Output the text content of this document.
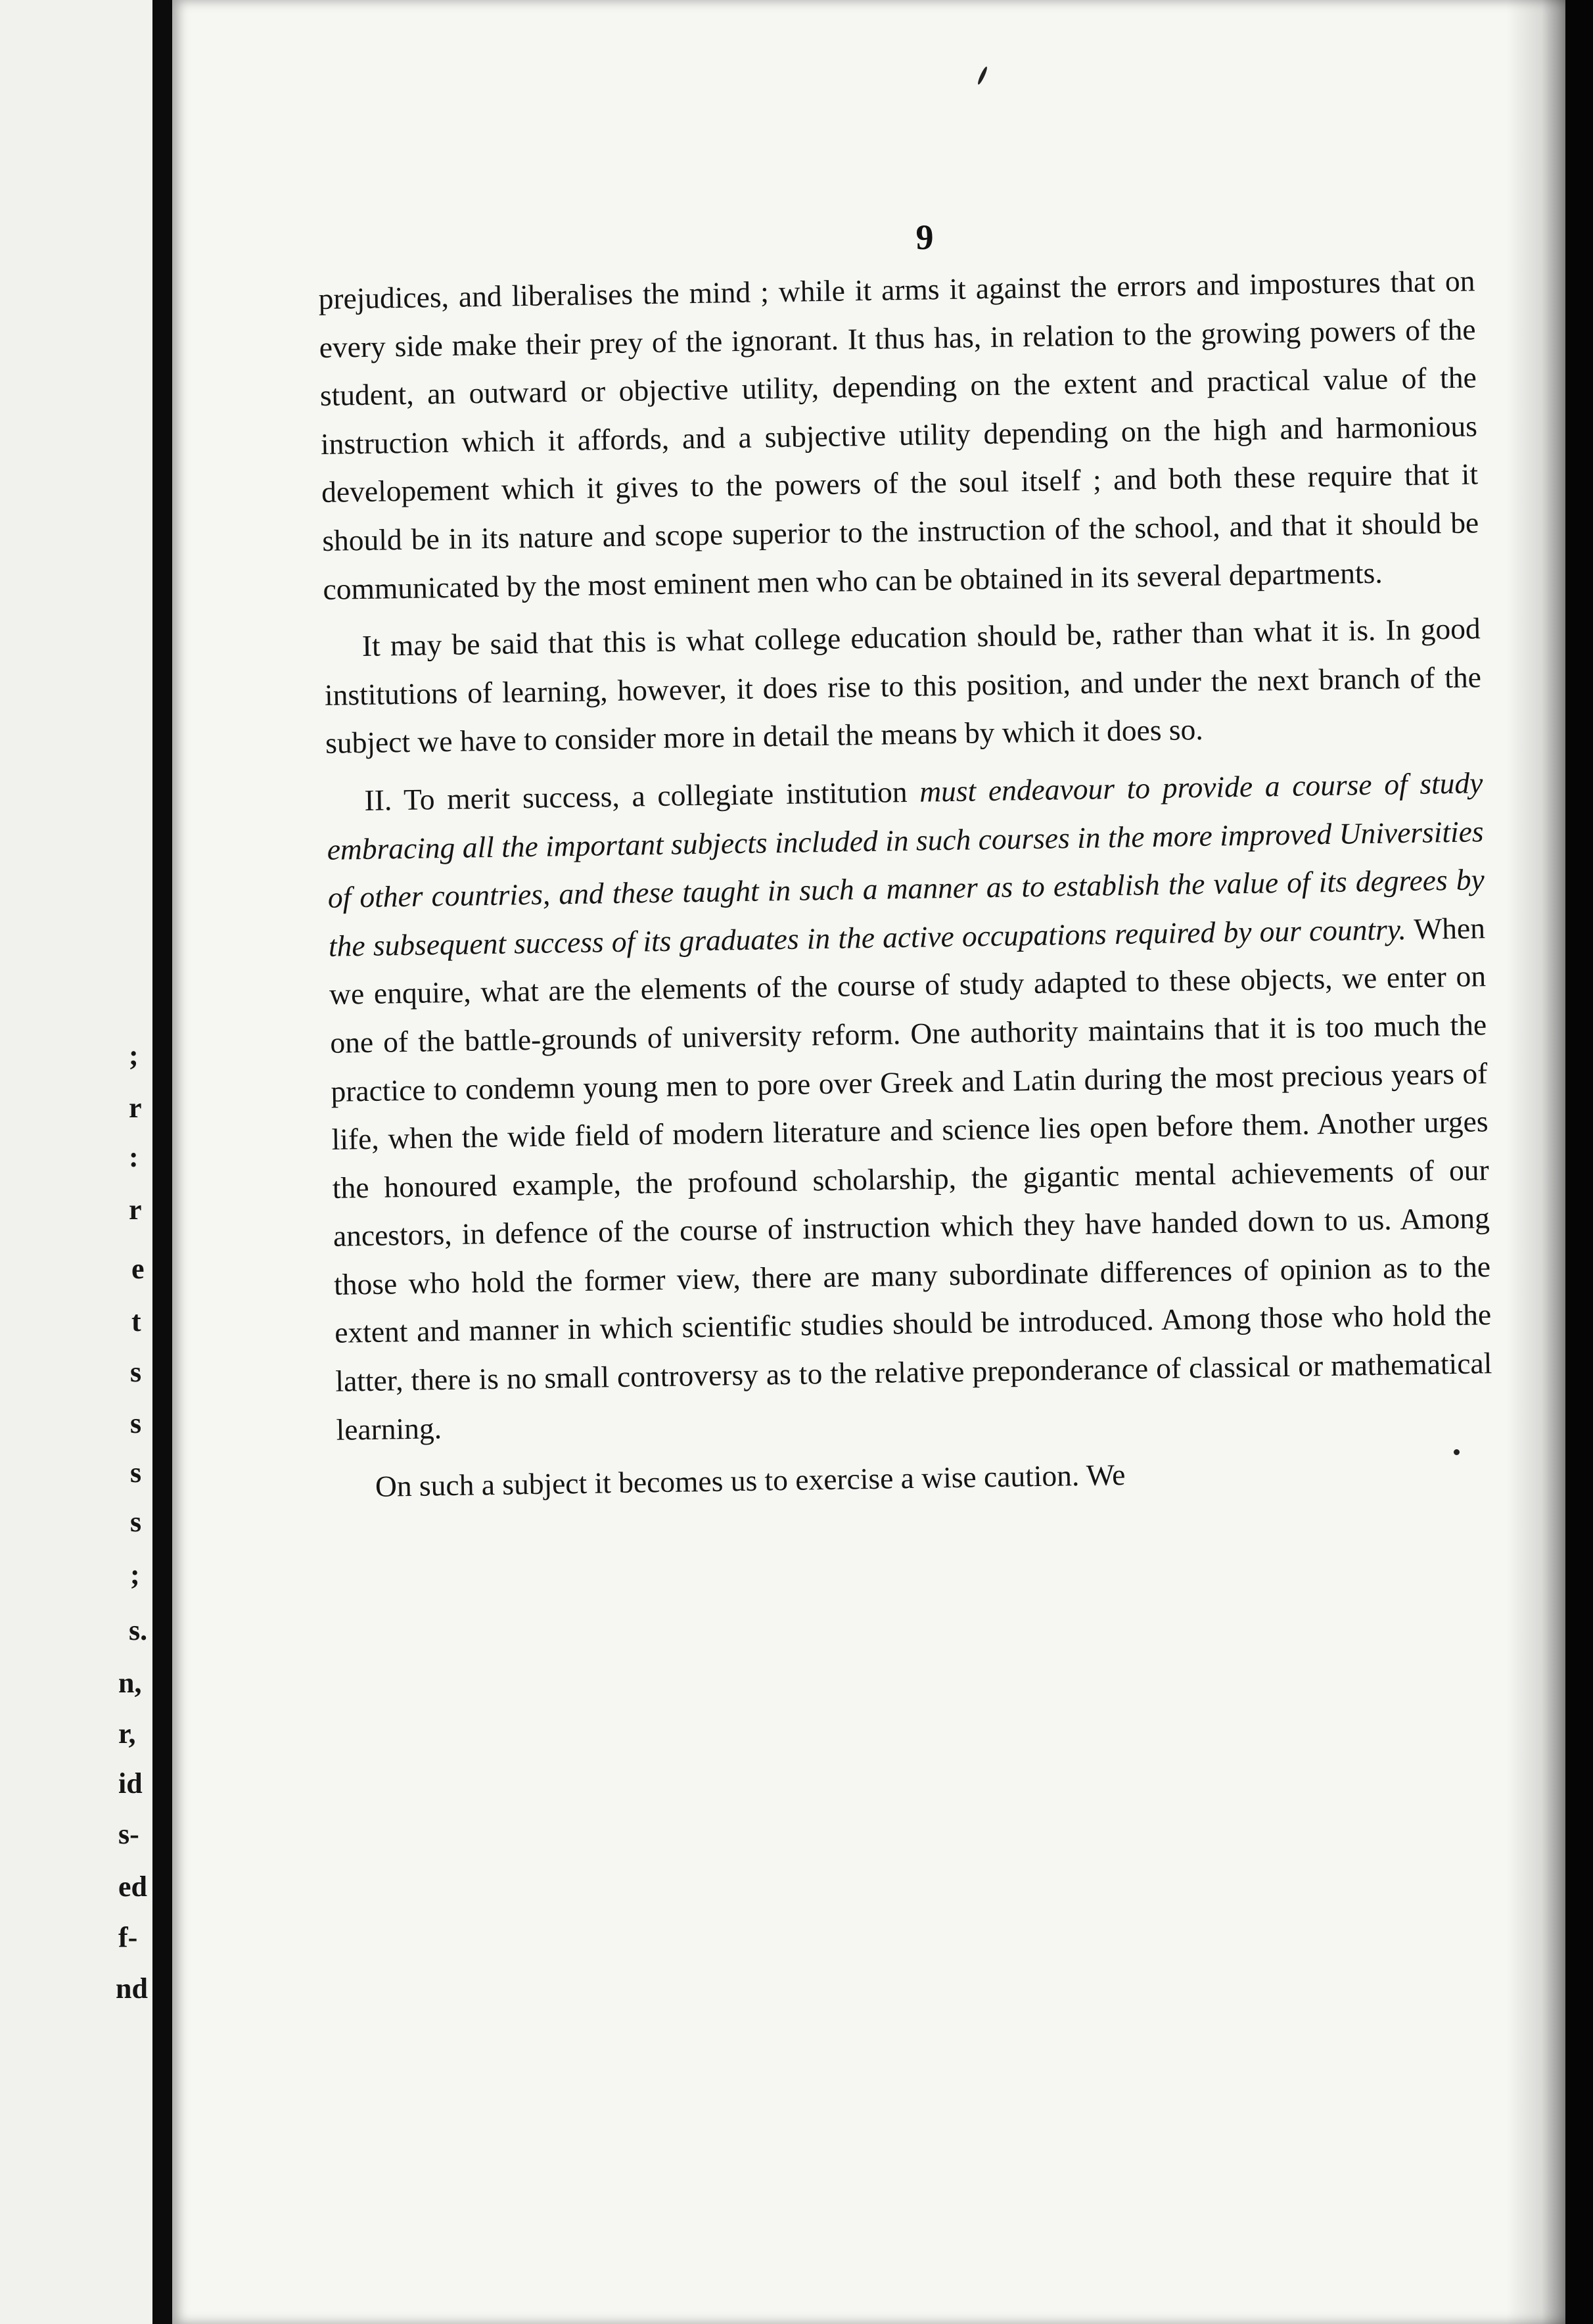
;
r
:
r
e
t
s
s
s
s
;
s.
n,
r,
id
s-
ed
f-
nd
9

prejudices, and liberalises the mind ; while it arms it against the errors and impostures that on every side make their prey of the ignorant. It thus has, in relation to the growing powers of the student, an outward or objective utility, depending on the extent and practical value of the instruction which it affords, and a subjective utility depending on the high and harmonious developement which it gives to the powers of the soul itself ; and both these require that it should be in its nature and scope superior to the instruction of the school, and that it should be communicated by the most eminent men who can be obtained in its several departments.

It may be said that this is what college education should be, rather than what it is. In good institutions of learning, however, it does rise to this position, and under the next branch of the subject we have to consider more in detail the means by which it does so.

II. To merit success, a collegiate institution must endeavour to provide a course of study embracing all the important subjects included in such courses in the more improved Universities of other countries, and these taught in such a manner as to establish the value of its degrees by the subsequent success of its graduates in the active occupations required by our country. When we enquire, what are the elements of the course of study adapted to these objects, we enter on one of the battle-grounds of university reform. One authority maintains that it is too much the practice to condemn young men to pore over Greek and Latin during the most precious years of life, when the wide field of modern literature and science lies open before them. Another urges the honoured example, the profound scholarship, the gigantic mental achievements of our ancestors, in defence of the course of instruction which they have handed down to us. Among those who hold the former view, there are many subordinate differences of opinion as to the extent and manner in which scientific studies should be introduced. Among those who hold the latter, there is no small controversy as to the relative preponderance of classical or mathematical learning.

On such a subject it becomes us to exercise a wise caution. We
